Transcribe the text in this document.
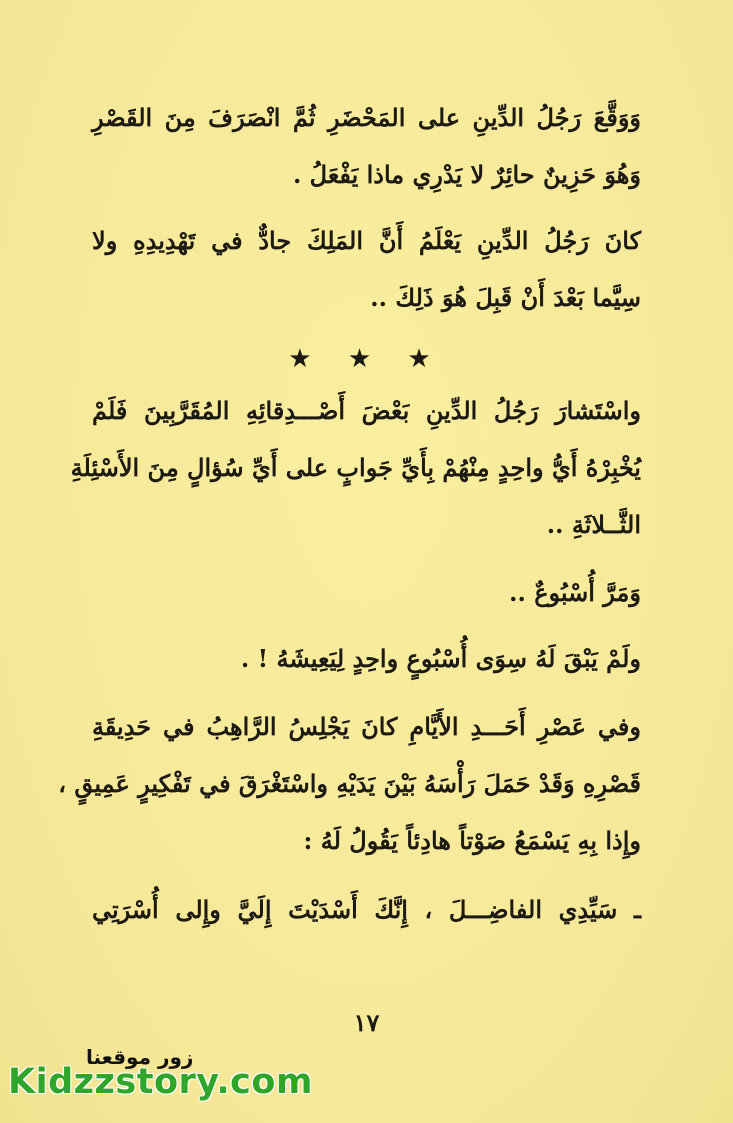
وَوَقَّعَ رَجُلُ الدِّينِ على المَحْضَرِ ثُمَّ انْصَرَفَ مِنَ القَصْرِ
وَهُوَ حَزِينٌ حائِرٌ لا يَدْرِي ماذا يَفْعَلُ .
كانَ رَجُلُ الدِّينِ يَعْلَمُ أَنَّ المَلِكَ جادٌّ في تَهْدِيدِهِ ولا
سِيَّما بَعْدَ أَنْ قَبِلَ هُوَ ذَلِكَ ..
★ ★ ★
واسْتَشارَ رَجُلُ الدِّينِ بَعْضَ أَصْـــدِقائِهِ المُقَرَّبِينَ فَلَمْ
يُخْبِرْهُ أَيُّ واحِدٍ مِنْهُمْ بِأَيِّ جَوابٍ على أَيِّ سُؤالٍ مِنَ الأَسْئِلَةِ
الثَّــلاثَةِ ..
وَمَرَّ أُسْبُوعٌ ..
ولَمْ يَبْقَ لَهُ سِوَى أُسْبُوعٍ واحِدٍ لِيَعِيشَهُ ! .
وفي عَصْرِ أَحَـــدِ الأَيَّامِ كانَ يَجْلِسُ الرَّاهِبُ في حَدِيقَةِ
قَصْرِهِ وَقَدْ حَمَلَ رَأْسَهُ بَيْنَ يَدَيْهِ واسْتَغْرَقَ في تَفْكِيرٍ عَمِيقٍ ،
وإِذا بِهِ يَسْمَعُ صَوْتاً هادِئاً يَقُولُ لَهُ :
ـ سَيِّدِي الفاضِـــلَ ، إِنَّكَ أَسْدَيْتَ إِلَيَّ وإِلى أُسْرَتِي
١٧
زور موقعنا
Kidzzstory.com
